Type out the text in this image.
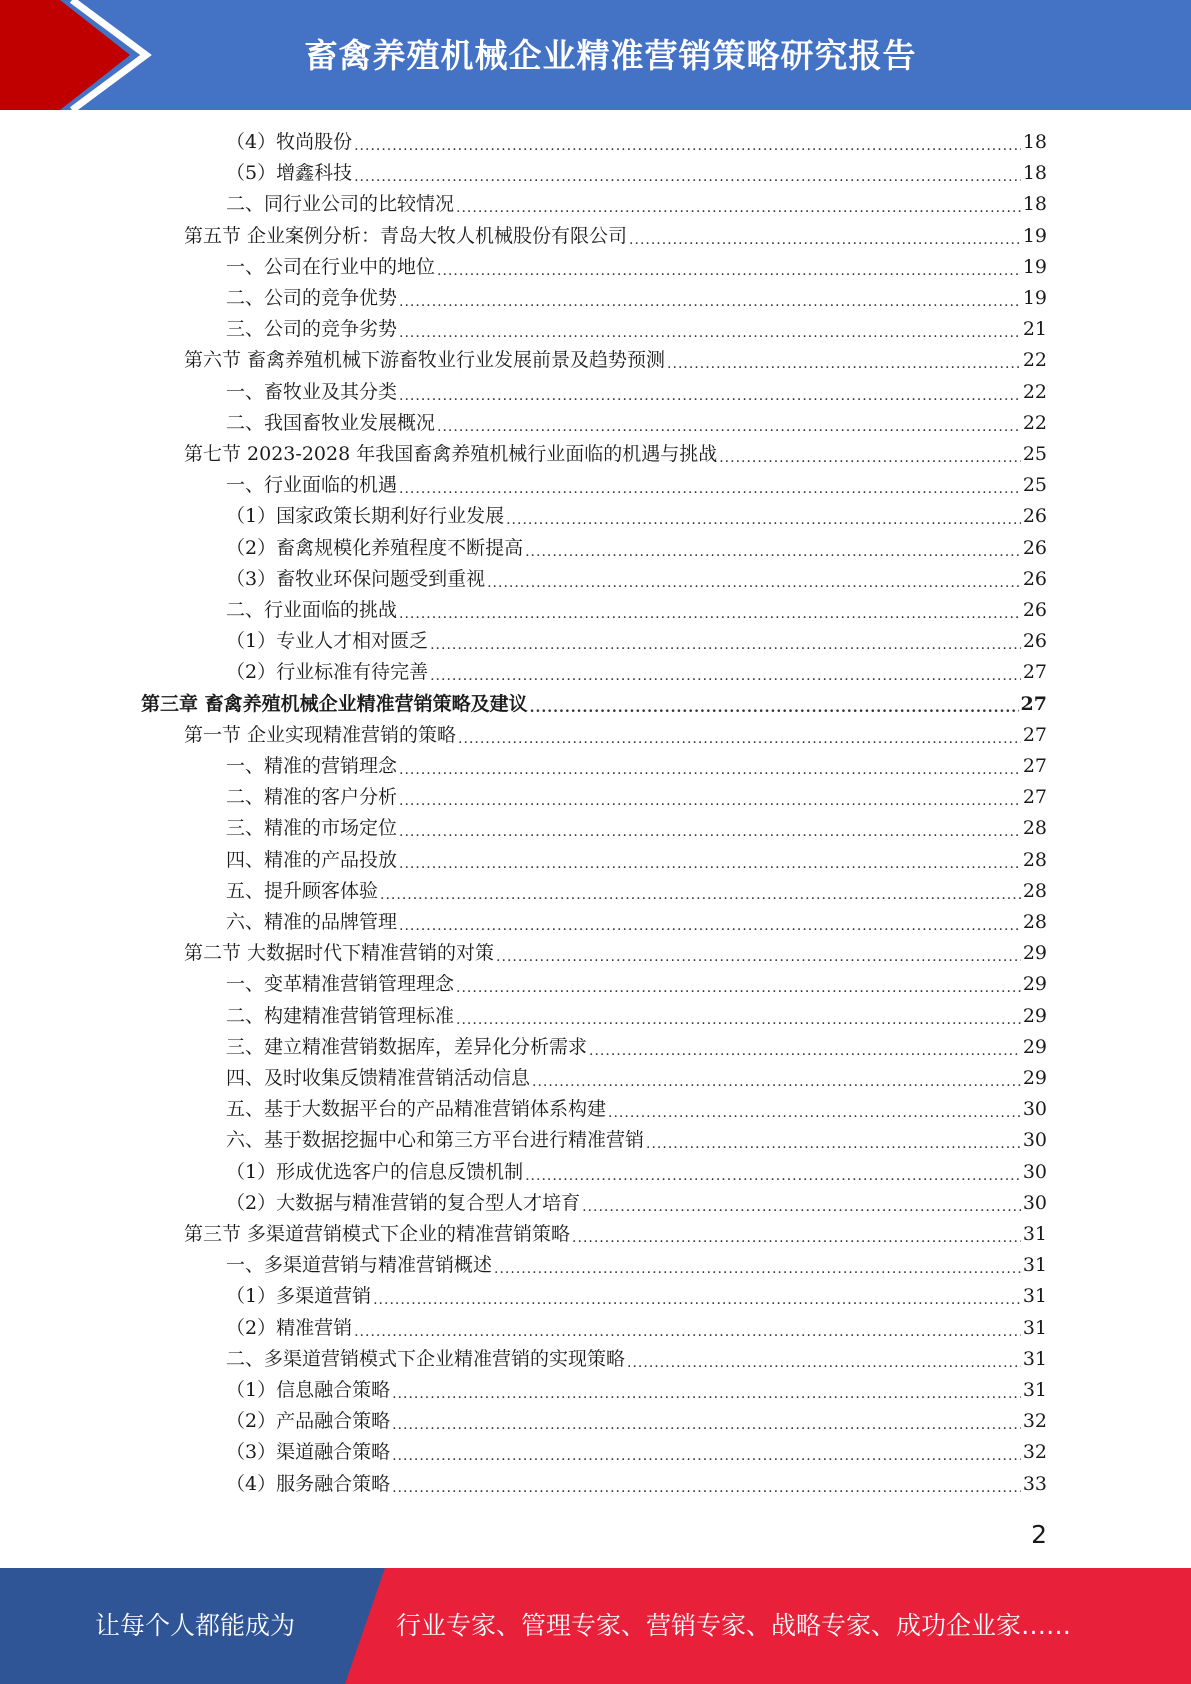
畜禽养殖机械企业精准营销策略研究报告
（4）牧尚股份 .....	18
（5）增鑫科技 .....	18
二、同行业公司的比较情况 .....	18
第五节 企业案例分析：青岛大牧人机械股份有限公司 .....	19
一、公司在行业中的地位 .....	19
二、公司的竞争优势 .....	19
三、公司的竞争劣势 .....	21
第六节 畜禽养殖机械下游畜牧业行业发展前景及趋势预测 .....	22
一、畜牧业及其分类 .....	22
二、我国畜牧业发展概况 .....	22
第七节 2023-2028 年我国畜禽养殖机械行业面临的机遇与挑战 .....	25
一、行业面临的机遇 .....	25
（1）国家政策长期利好行业发展 .....	26
（2）畜禽规模化养殖程度不断提高 .....	26
（3）畜牧业环保问题受到重视 .....	26
二、行业面临的挑战 .....	26
（1）专业人才相对匮乏 .....	26
（2）行业标准有待完善 .....	27
第三章 畜禽养殖机械企业精准营销策略及建议 .....	27
第一节 企业实现精准营销的策略 .....	27
一、精准的营销理念 .....	27
二、精准的客户分析 .....	27
三、精准的市场定位 .....	28
四、精准的产品投放 .....	28
五、提升顾客体验 .....	28
六、精准的品牌管理 .....	28
第二节 大数据时代下精准营销的对策 .....	29
一、变革精准营销管理理念 .....	29
二、构建精准营销管理标准 .....	29
三、建立精准营销数据库，差异化分析需求 .....	29
四、及时收集反馈精准营销活动信息 .....	29
五、基于大数据平台的产品精准营销体系构建 .....	30
六、基于数据挖掘中心和第三方平台进行精准营销 .....	30
（1）形成优选客户的信息反馈机制 .....	30
（2）大数据与精准营销的复合型人才培育 .....	30
第三节 多渠道营销模式下企业的精准营销策略 .....	31
一、多渠道营销与精准营销概述 .....	31
（1）多渠道营销 .....	31
（2）精准营销 .....	31
二、多渠道营销模式下企业精准营销的实现策略 .....	31
（1）信息融合策略 .....	31
（2）产品融合策略 .....	32
（3）渠道融合策略 .....	32
（4）服务融合策略 .....	33
2
让每个人都能成为	行业专家、管理专家、营销专家、战略专家、成功企业家……
